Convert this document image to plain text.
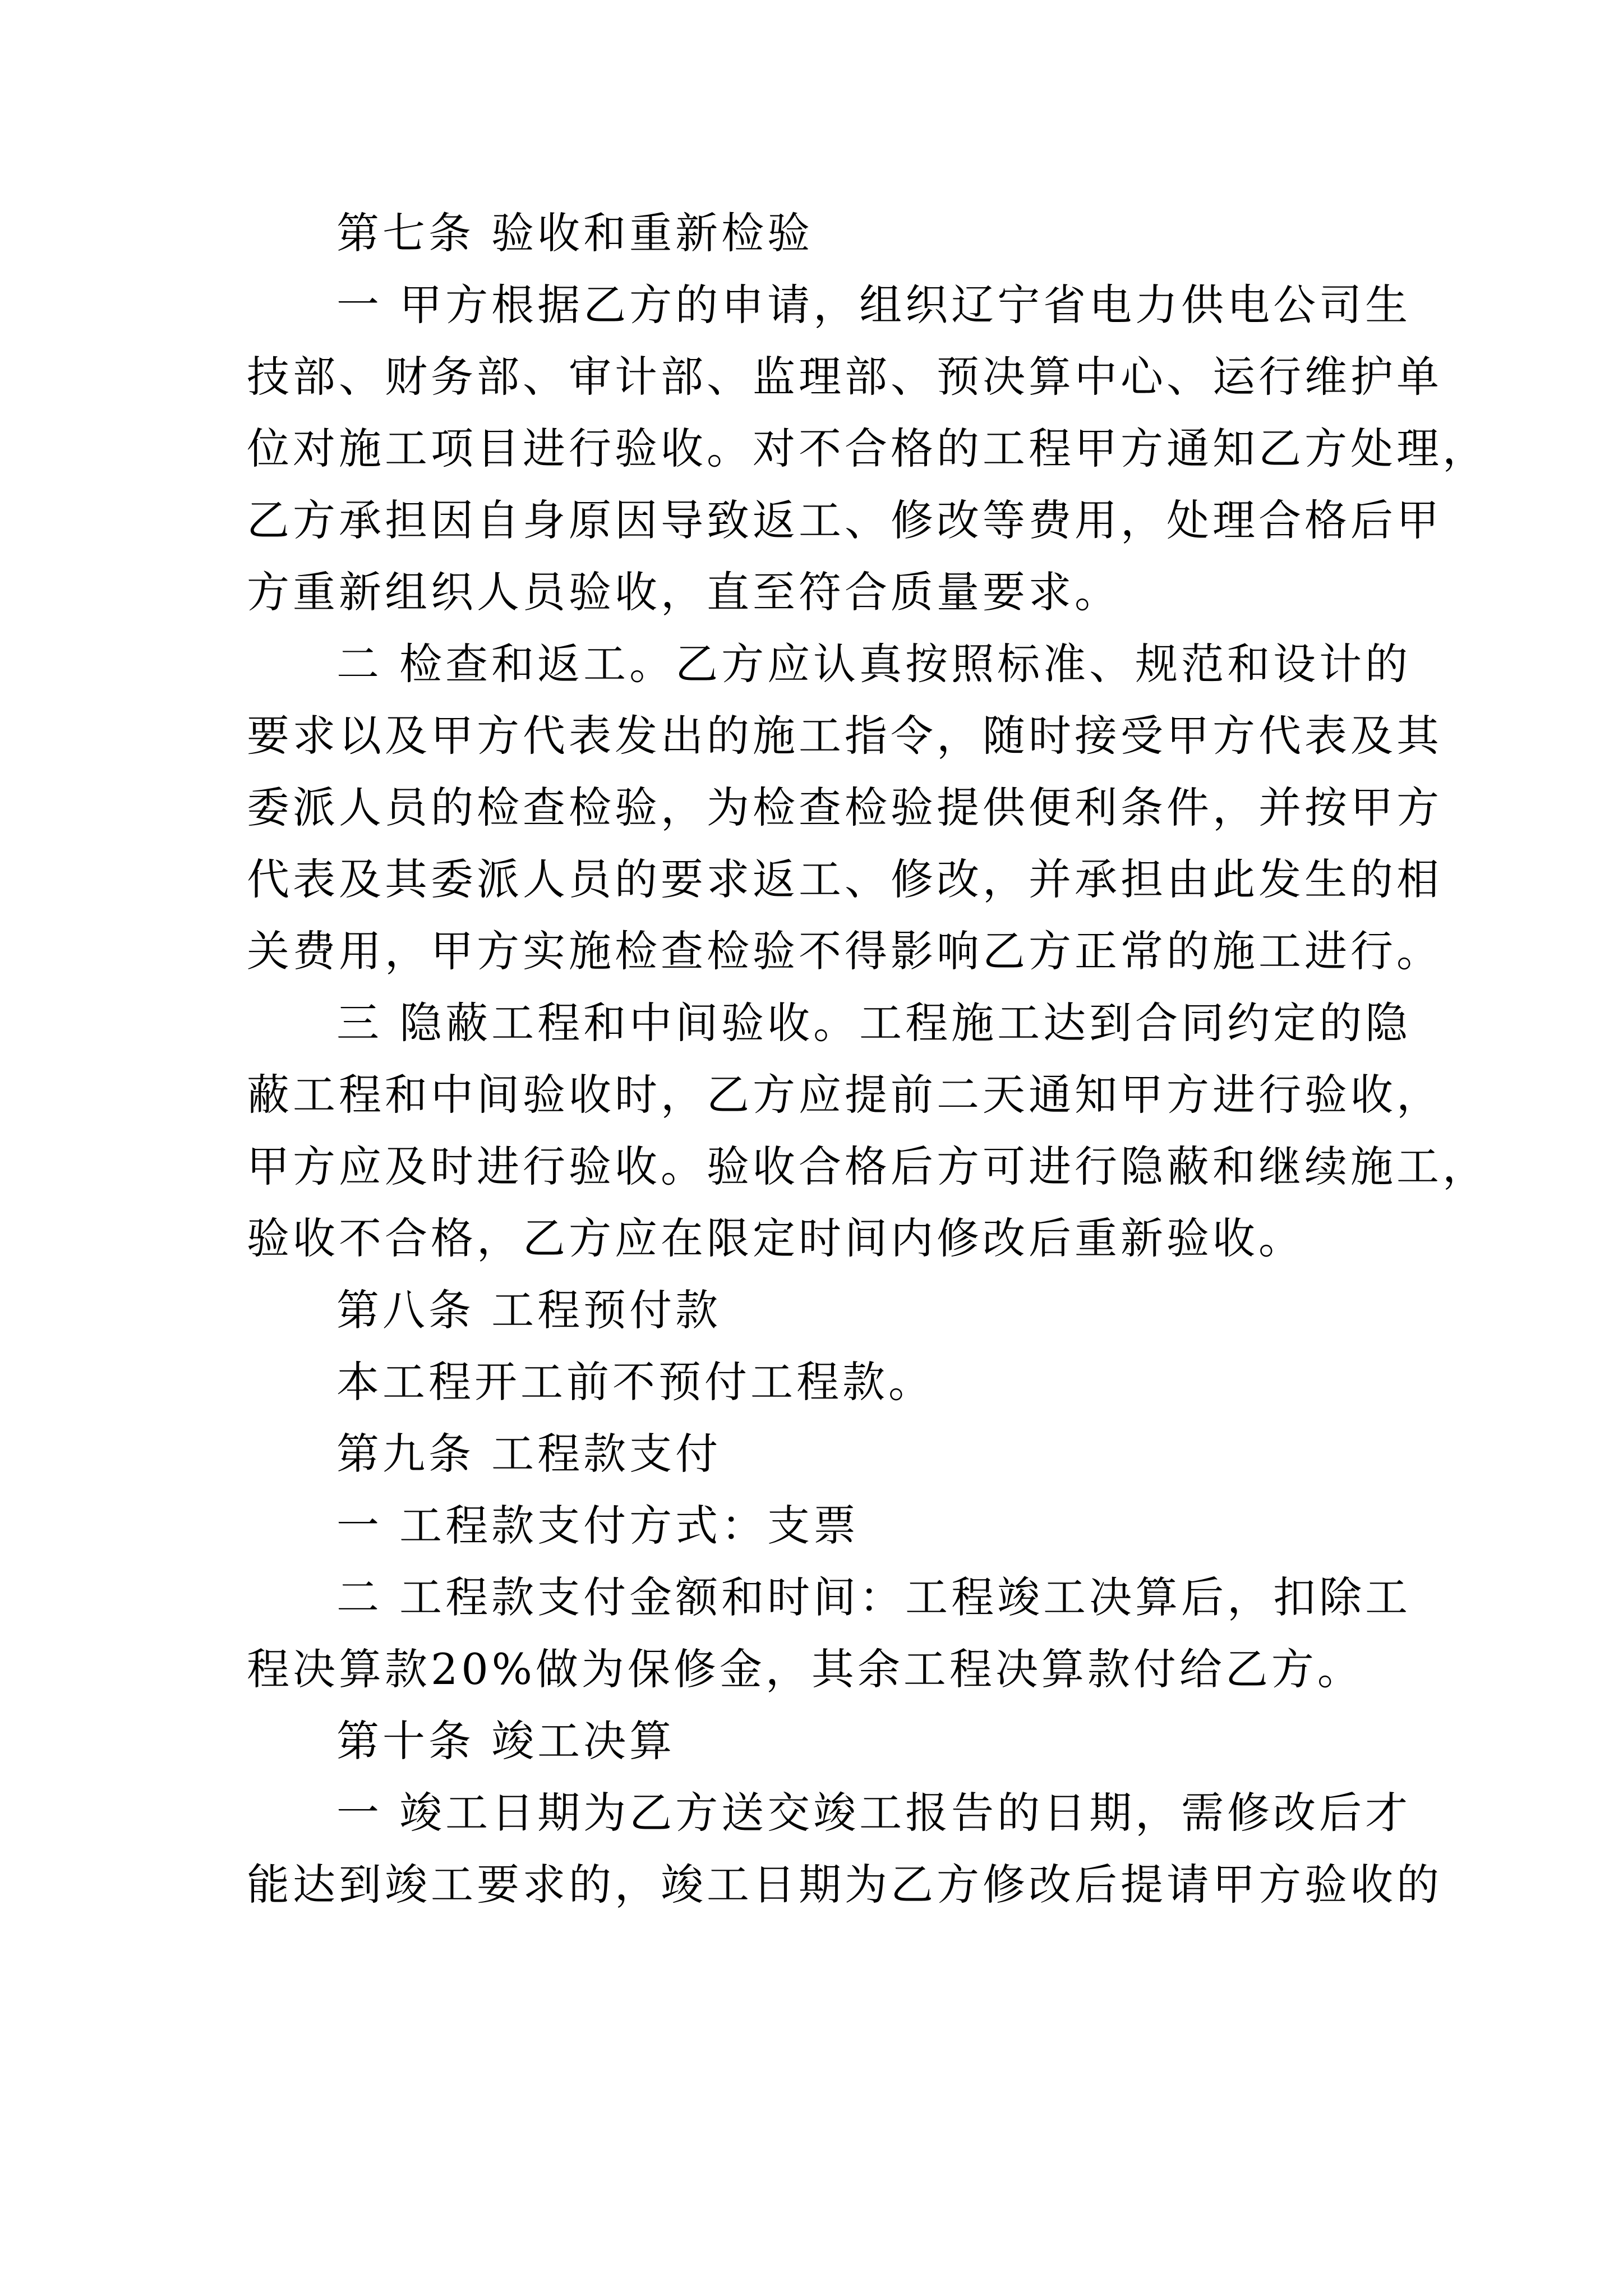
第七条 验收和重新检验
一 甲方根据乙方的申请，组织辽宁省电力供电公司生
技部、财务部、审计部、监理部、预决算中心、运行维护单
位对施工项目进行验收。对不合格的工程甲方通知乙方处理，
乙方承担因自身原因导致返工、修改等费用，处理合格后甲
方重新组织人员验收，直至符合质量要求。
二 检查和返工。乙方应认真按照标准、规范和设计的
要求以及甲方代表发出的施工指令，随时接受甲方代表及其
委派人员的检查检验，为检查检验提供便利条件，并按甲方
代表及其委派人员的要求返工、修改，并承担由此发生的相
关费用，甲方实施检查检验不得影响乙方正常的施工进行。
三 隐蔽工程和中间验收。工程施工达到合同约定的隐
蔽工程和中间验收时，乙方应提前二天通知甲方进行验收，
甲方应及时进行验收。验收合格后方可进行隐蔽和继续施工，
验收不合格，乙方应在限定时间内修改后重新验收。
第八条 工程预付款
本工程开工前不预付工程款。
第九条 工程款支付
一 工程款支付方式：支票
二 工程款支付金额和时间：工程竣工决算后，扣除工
程决算款20%做为保修金，其余工程决算款付给乙方。
第十条 竣工决算
一 竣工日期为乙方送交竣工报告的日期，需修改后才
能达到竣工要求的，竣工日期为乙方修改后提请甲方验收的
